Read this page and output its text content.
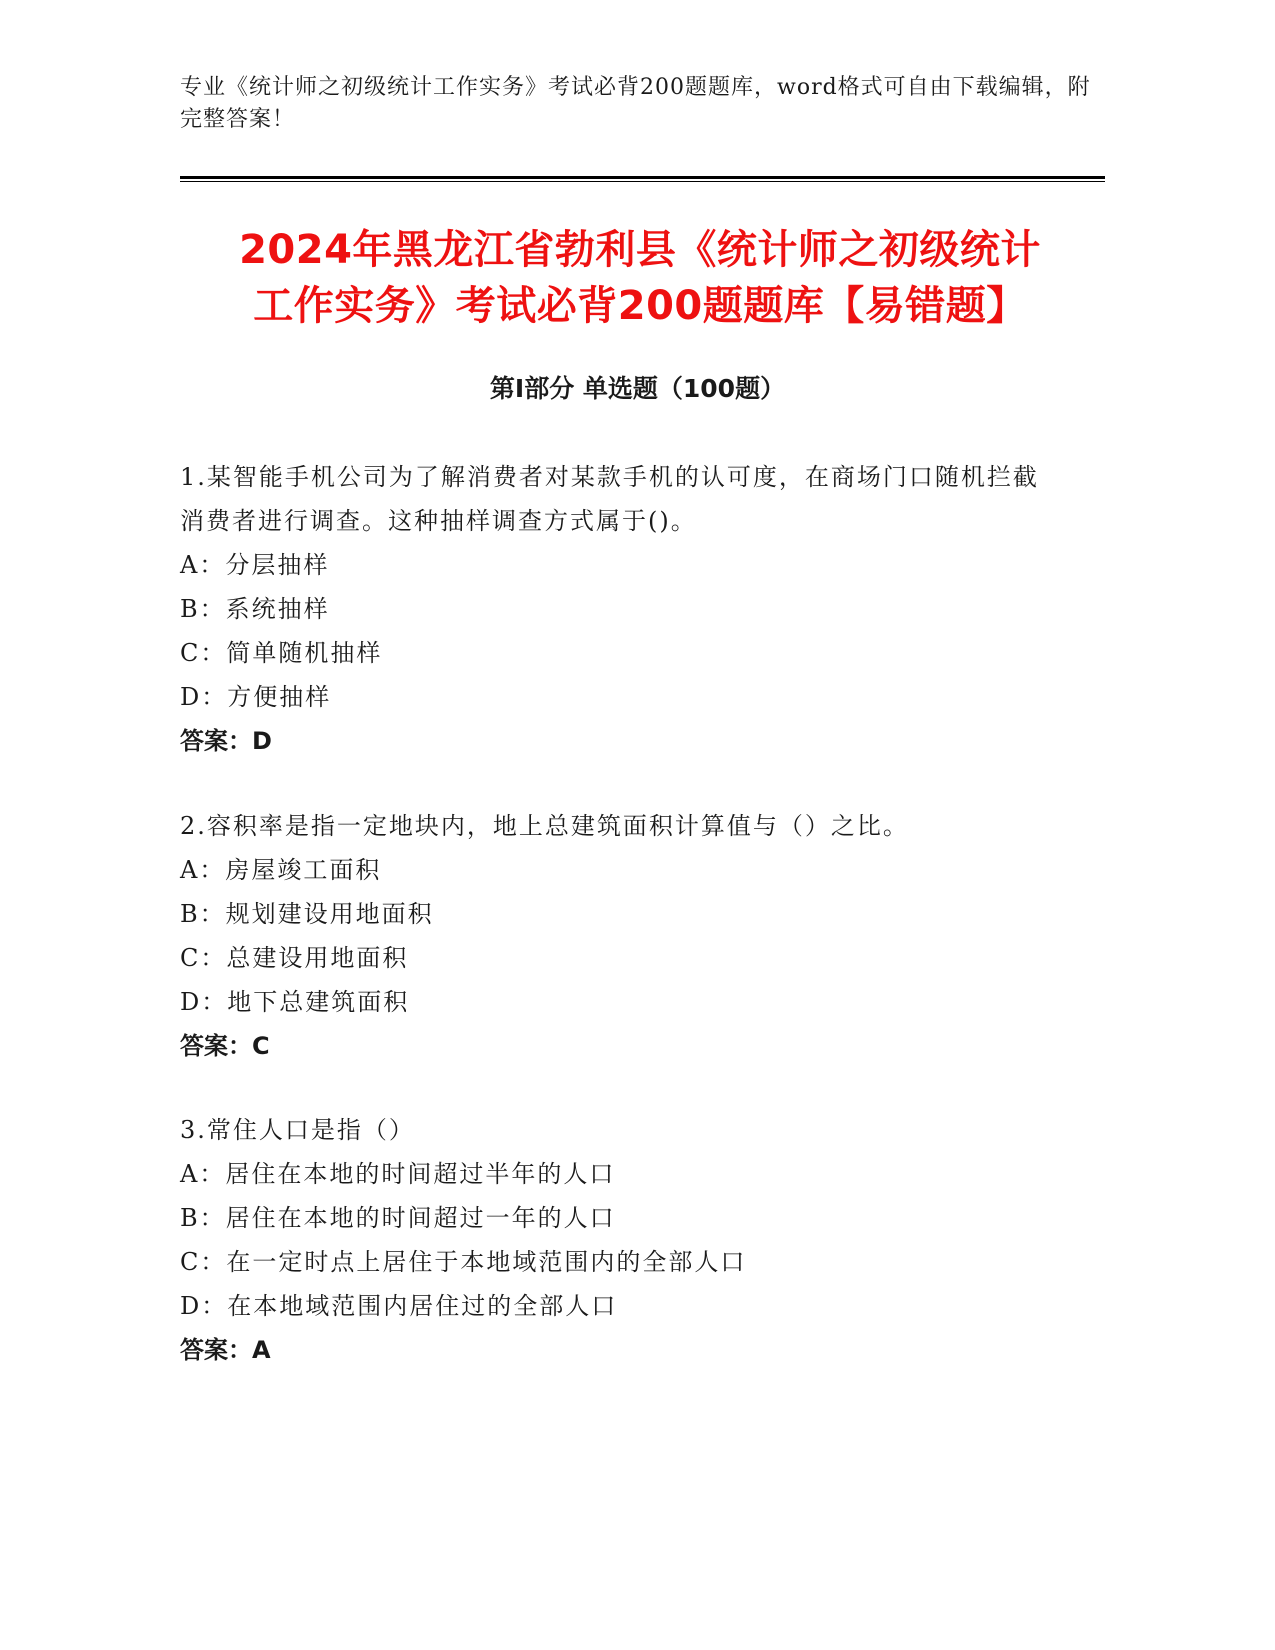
专业《统计师之初级统计工作实务》考试必背200题题库，word格式可自由下载编辑，附完整答案！
2024年黑龙江省勃利县《统计师之初级统计
工作实务》考试必背200题题库【易错题】
第I部分 单选题（100题）
1.某智能手机公司为了解消费者对某款手机的认可度，在商场门口随机拦截消费者进行调查。这种抽样调查方式属于()。
A：分层抽样
B：系统抽样
C：简单随机抽样
D：方便抽样
答案：D
2.容积率是指一定地块内，地上总建筑面积计算值与（）之比。
A：房屋竣工面积
B：规划建设用地面积
C：总建设用地面积
D：地下总建筑面积
答案：C
3.常住人口是指（）
A：居住在本地的时间超过半年的人口
B：居住在本地的时间超过一年的人口
C：在一定时点上居住于本地域范围内的全部人口
D：在本地域范围内居住过的全部人口
答案：A
